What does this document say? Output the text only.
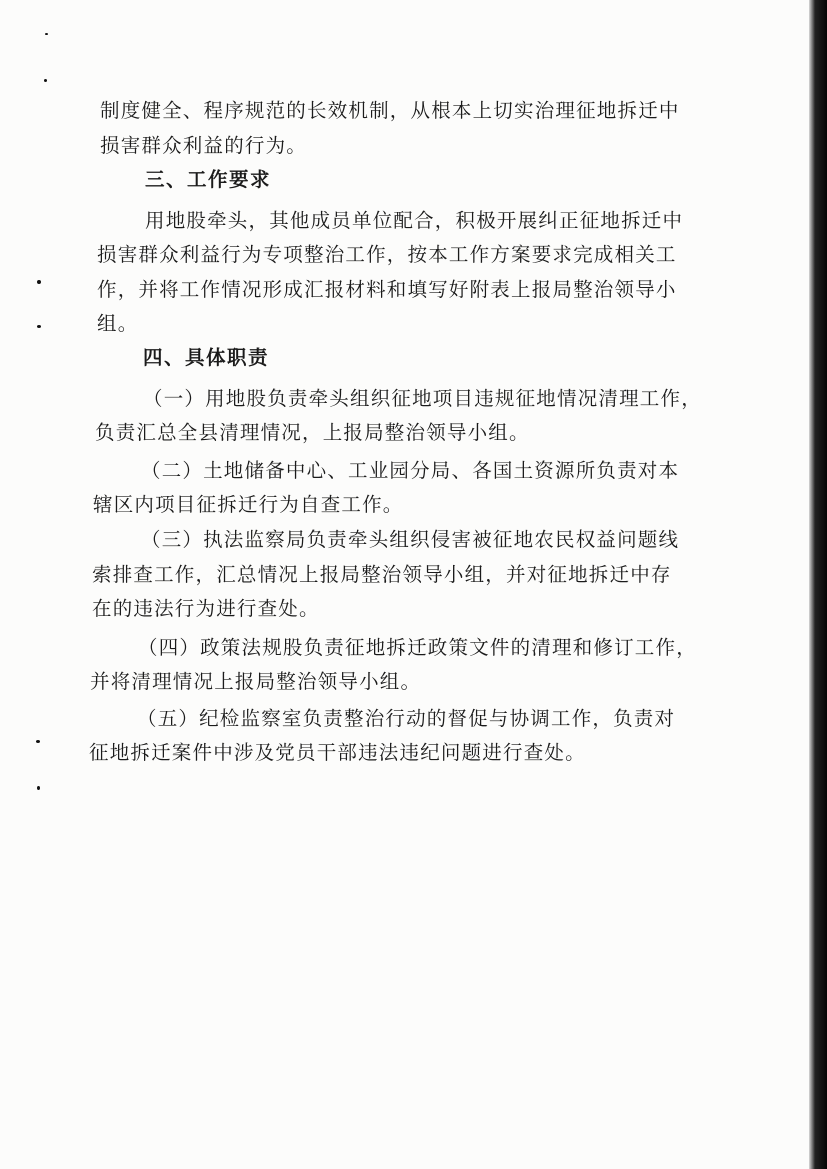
制度健全、程序规范的长效机制，从根本上切实治理征地拆迁中
损害群众利益的行为。
三、工作要求
用地股牵头，其他成员单位配合，积极开展纠正征地拆迁中
损害群众利益行为专项整治工作，按本工作方案要求完成相关工
作，并将工作情况形成汇报材料和填写好附表上报局整治领导小
组。
四、具体职责
（一）用地股负责牵头组织征地项目违规征地情况清理工作，
负责汇总全县清理情况，上报局整治领导小组。
（二）土地储备中心、工业园分局、各国土资源所负责对本
辖区内项目征拆迁行为自查工作。
（三）执法监察局负责牵头组织侵害被征地农民权益问题线
索排查工作，汇总情况上报局整治领导小组，并对征地拆迁中存
在的违法行为进行查处。
（四）政策法规股负责征地拆迁政策文件的清理和修订工作，
并将清理情况上报局整治领导小组。
（五）纪检监察室负责整治行动的督促与协调工作，负责对
征地拆迁案件中涉及党员干部违法违纪问题进行查处。
